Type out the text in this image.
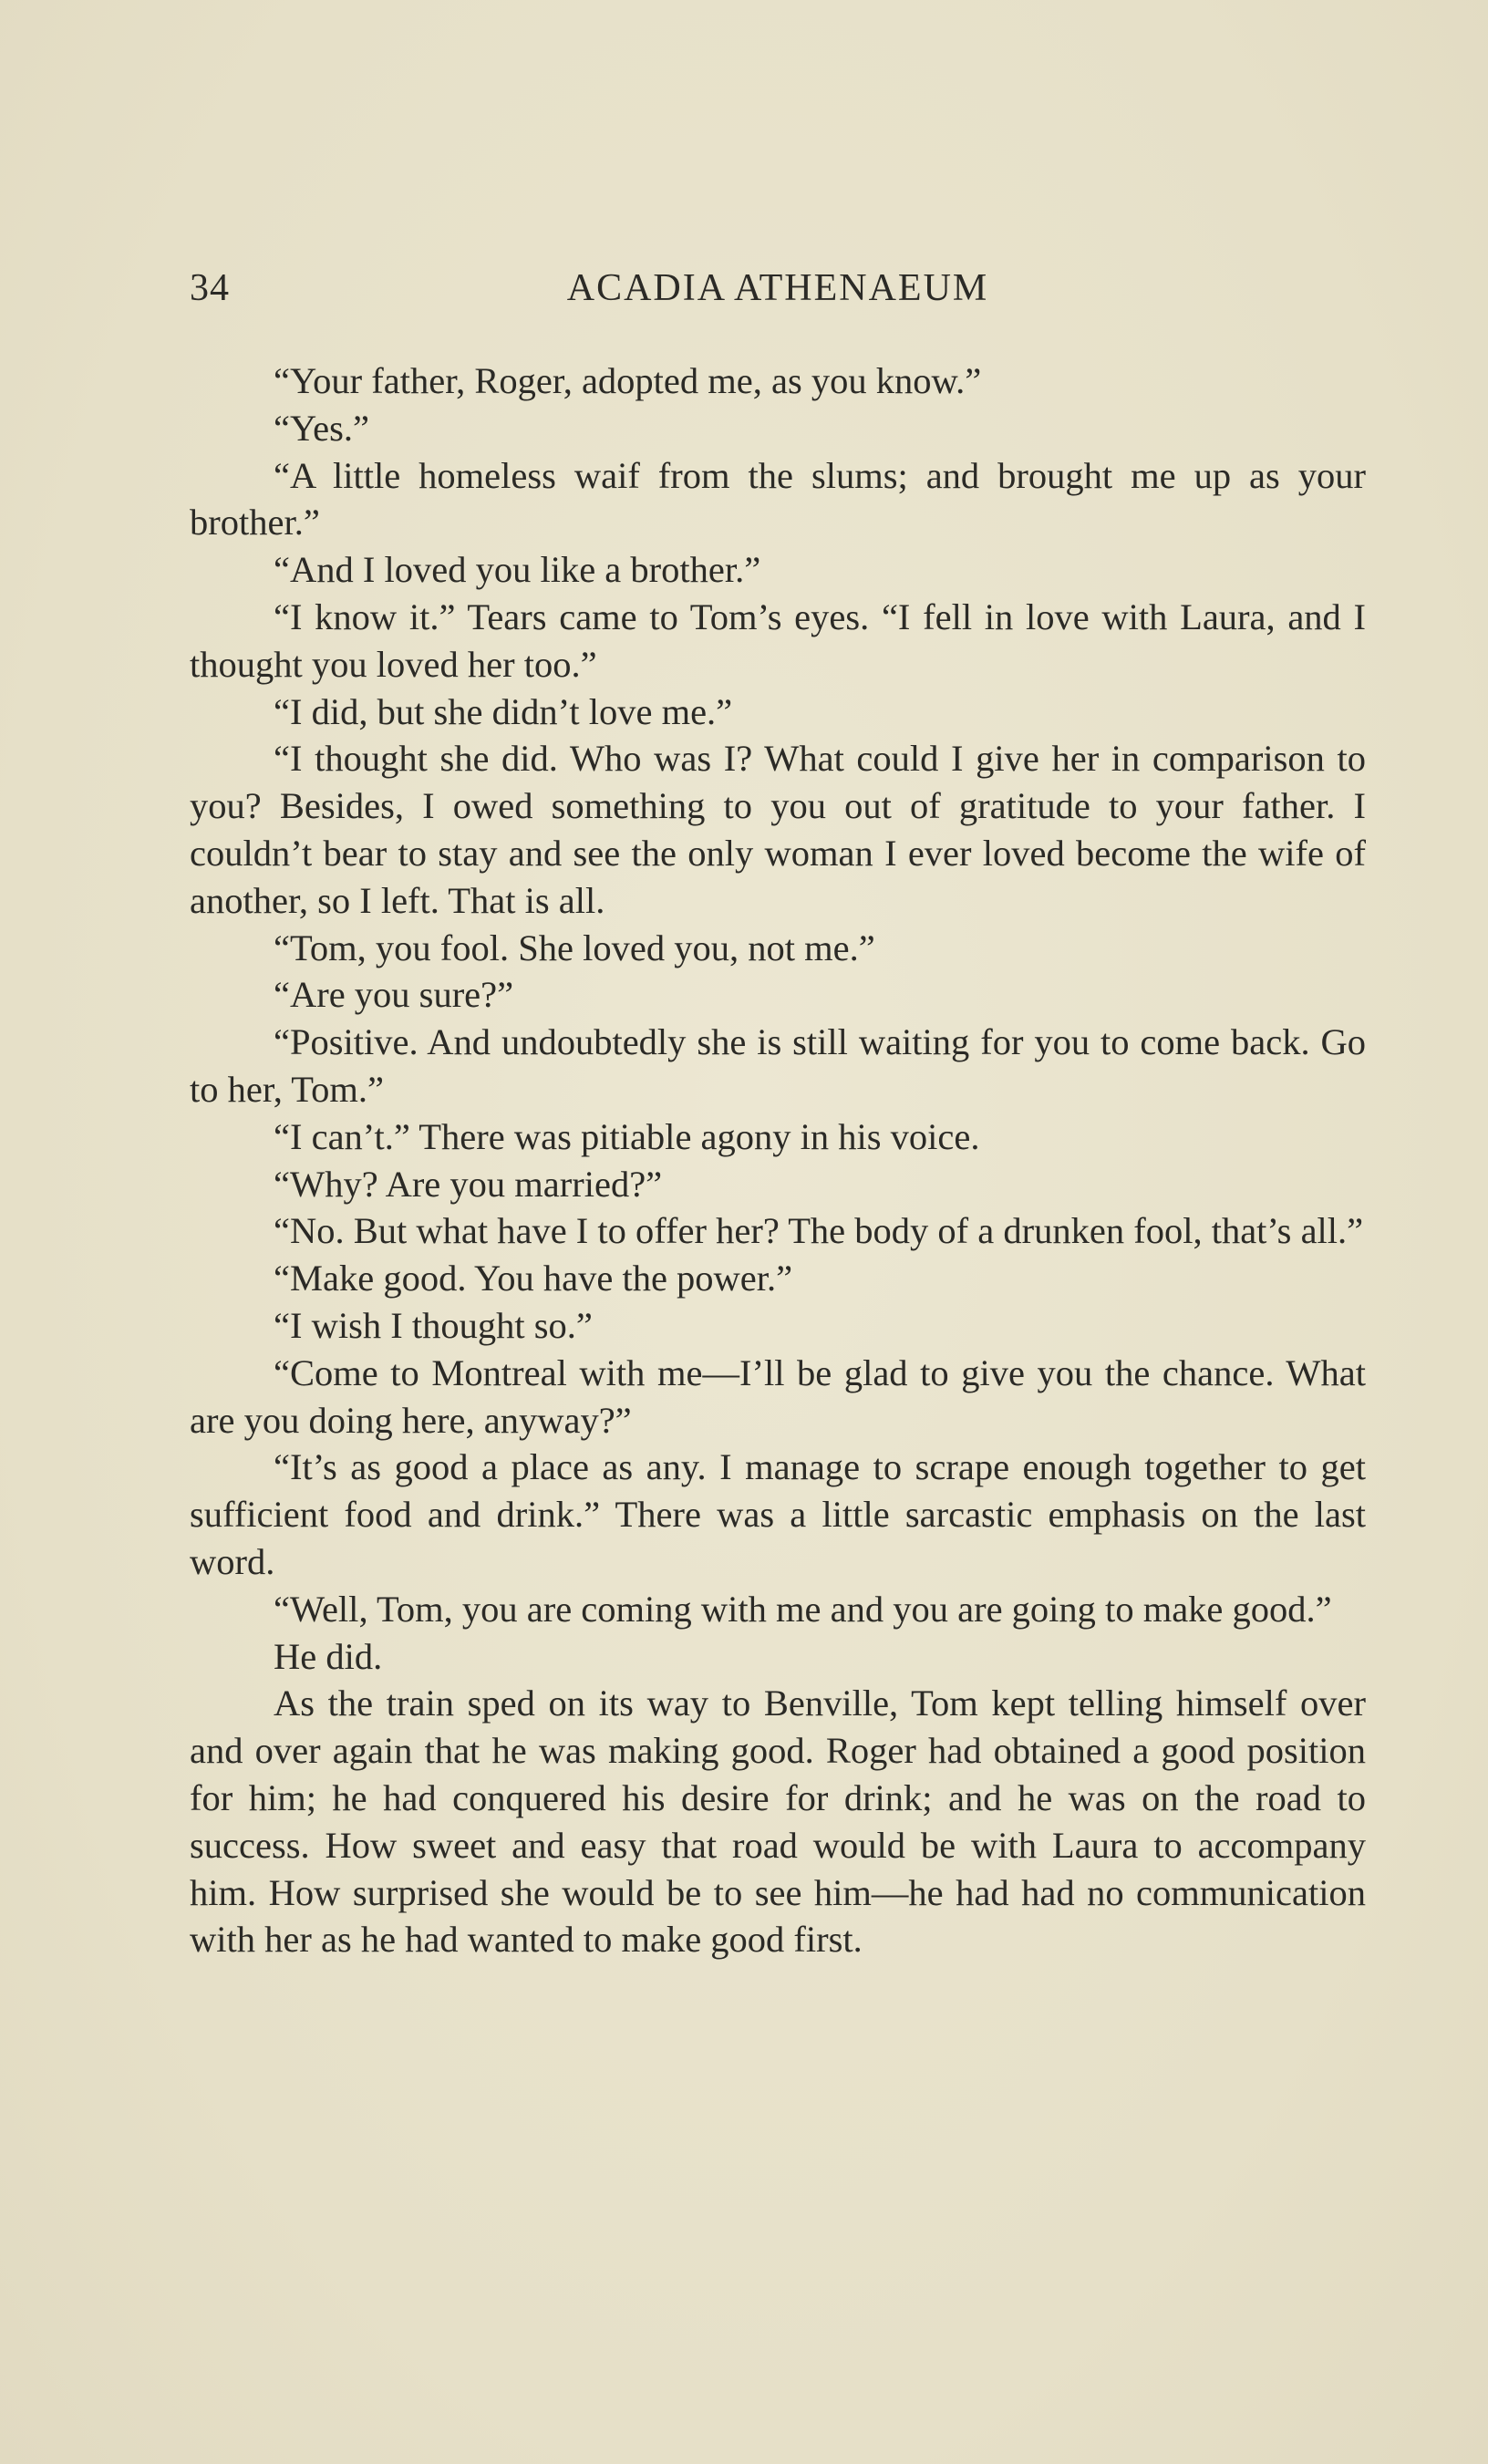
34	ACADIA ATHENAEUM

“Your father, Roger, adopted me, as you know.”

“Yes.”

“A little homeless waif from the slums; and brought me up as your brother.”

“And I loved you like a brother.”

“I know it.” Tears came to Tom’s eyes. “I fell in love with Laura, and I thought you loved her too.”

“I did, but she didn’t love me.”

“I thought she did. Who was I? What could I give her in comparison to you? Besides, I owed something to you out of gratitude to your father. I couldn’t bear to stay and see the only woman I ever loved become the wife of another, so I left. That is all.

“Tom, you fool. She loved you, not me.”

“Are you sure?”

“Positive. And undoubtedly she is still waiting for you to come back. Go to her, Tom.”

“I can’t.” There was pitiable agony in his voice.

“Why? Are you married?”

“No. But what have I to offer her? The body of a drunken fool, that’s all.”

“Make good. You have the power.”

“I wish I thought so.”

“Come to Montreal with me—I’ll be glad to give you the chance. What are you doing here, anyway?”

“It’s as good a place as any. I manage to scrape enough together to get sufficient food and drink.” There was a little sarcastic emphasis on the last word.

“Well, Tom, you are coming with me and you are going to make good.”

He did.

As the train sped on its way to Benville, Tom kept telling himself over and over again that he was making good. Roger had obtained a good position for him; he had conquered his desire for drink; and he was on the road to success. How sweet and easy that road would be with Laura to accompany him. How surprised she would be to see him—he had had no communication with her as he had wanted to make good first.
